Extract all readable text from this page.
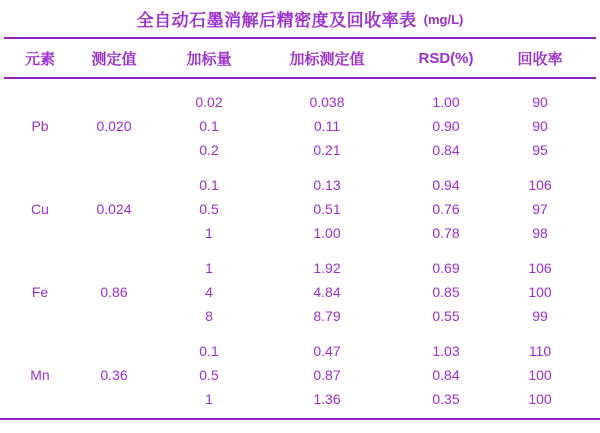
全自动石墨消解后精密度及回收率表 (mg/L)
元素	测定值	加标量	加标测定值	RSD(%)	回收率
Pb	0.020
0.02	0.038	1.00	90
0.1	0.11	0.90	90
0.2	0.21	0.84	95
Cu	0.024
0.1	0.13	0.94	106
0.5	0.51	0.76	97
1	1.00	0.78	98
Fe	0.86
1	1.92	0.69	106
4	4.84	0.85	100
8	8.79	0.55	99
Mn	0.36
0.1	0.47	1.03	110
0.5	0.87	0.84	100
1	1.36	0.35	100
